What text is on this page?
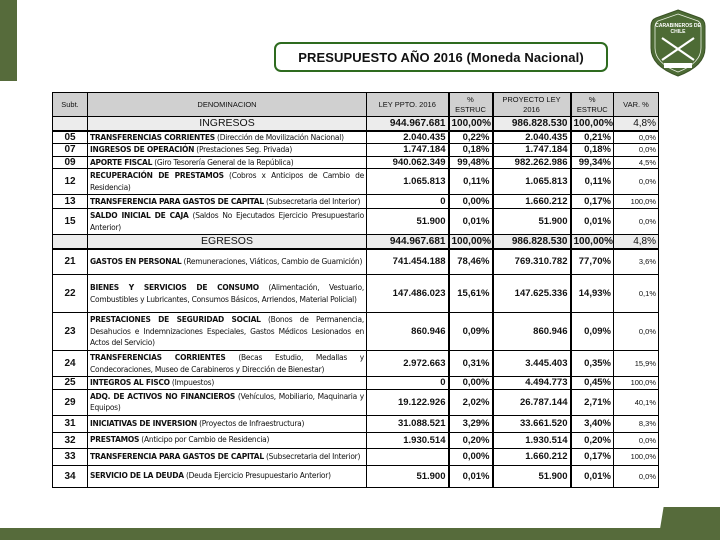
PRESUPUESTO AÑO 2016 (Moneda Nacional)
CARABINEROS DE
CHILE
Subt.	DENOMINACION	LEY PPTO. 2016	% ESTRUC	PROYECTO LEY 2016	% ESTRUC	VAR. %
	INGRESOS	944.967.681	100,00%	986.828.530	100,00%	4,8%
05	TRANSFERENCIAS CORRIENTES (Dirección de Movilización Nacional)	2.040.435	0,22%	2.040.435	0,21%	0,0%
07	INGRESOS DE OPERACIÓN (Prestaciones Seg. Privada)	1.747.184	0,18%	1.747.184	0,18%	0,0%
09	APORTE FISCAL (Giro Tesorería General de la República)	940.062.349	99,48%	982.262.986	99,34%	4,5%
12	RECUPERACIÓN DE PRESTAMOS (Cobros x Anticipos de Cambio de Residencia)	1.065.813	0,11%	1.065.813	0,11%	0,0%
13	TRANSFERENCIA PARA GASTOS DE CAPITAL (Subsecretaria del Interior)	0	0,00%	1.660.212	0,17%	100,0%
15	SALDO INICIAL DE CAJA (Saldos No Ejecutados Ejercicio Presupuestario Anterior)	51.900	0,01%	51.900	0,01%	0,0%
	EGRESOS	944.967.681	100,00%	986.828.530	100,00%	4,8%
21	GASTOS EN PERSONAL (Remuneraciones, Viáticos, Cambio de Guarnición)	741.454.188	78,46%	769.310.782	77,70%	3,6%
22	BIENES Y SERVICIOS DE CONSUMO (Alimentación, Vestuario, Combustibles y Lubricantes, Consumos Básicos, Arriendos, Material Policial)	147.486.023	15,61%	147.625.336	14,93%	0,1%
23	PRESTACIONES DE SEGURIDAD SOCIAL (Bonos de Permanencia, Desahucios e Indemnizaciones Especiales, Gastos Médicos Lesionados en Actos del Servicio)	860.946	0,09%	860.946	0,09%	0,0%
24	TRANSFERENCIAS CORRIENTES (Becas Estudio, Medallas y Condecoraciones, Museo de Carabineros y Dirección de Bienestar)	2.972.663	0,31%	3.445.403	0,35%	15,9%
25	INTEGROS AL FISCO (Impuestos)	0	0,00%	4.494.773	0,45%	100,0%
29	ADQ. DE ACTIVOS NO FINANCIEROS (Vehículos, Mobiliario, Maquinaria y Equipos)	19.122.926	2,02%	26.787.144	2,71%	40,1%
31	INICIATIVAS DE INVERSION (Proyectos de Infraestructura)	31.088.521	3,29%	33.661.520	3,40%	8,3%
32	PRESTAMOS (Anticipo por Cambio de Residencia)	1.930.514	0,20%	1.930.514	0,20%	0,0%
33	TRANSFERENCIA PARA GASTOS DE CAPITAL (Subsecretaria del Interior)		0,00%	1.660.212	0,17%	100,0%
34	SERVICIO DE LA DEUDA (Deuda Ejercicio Presupuestario Anterior)	51.900	0,01%	51.900	0,01%	0,0%
